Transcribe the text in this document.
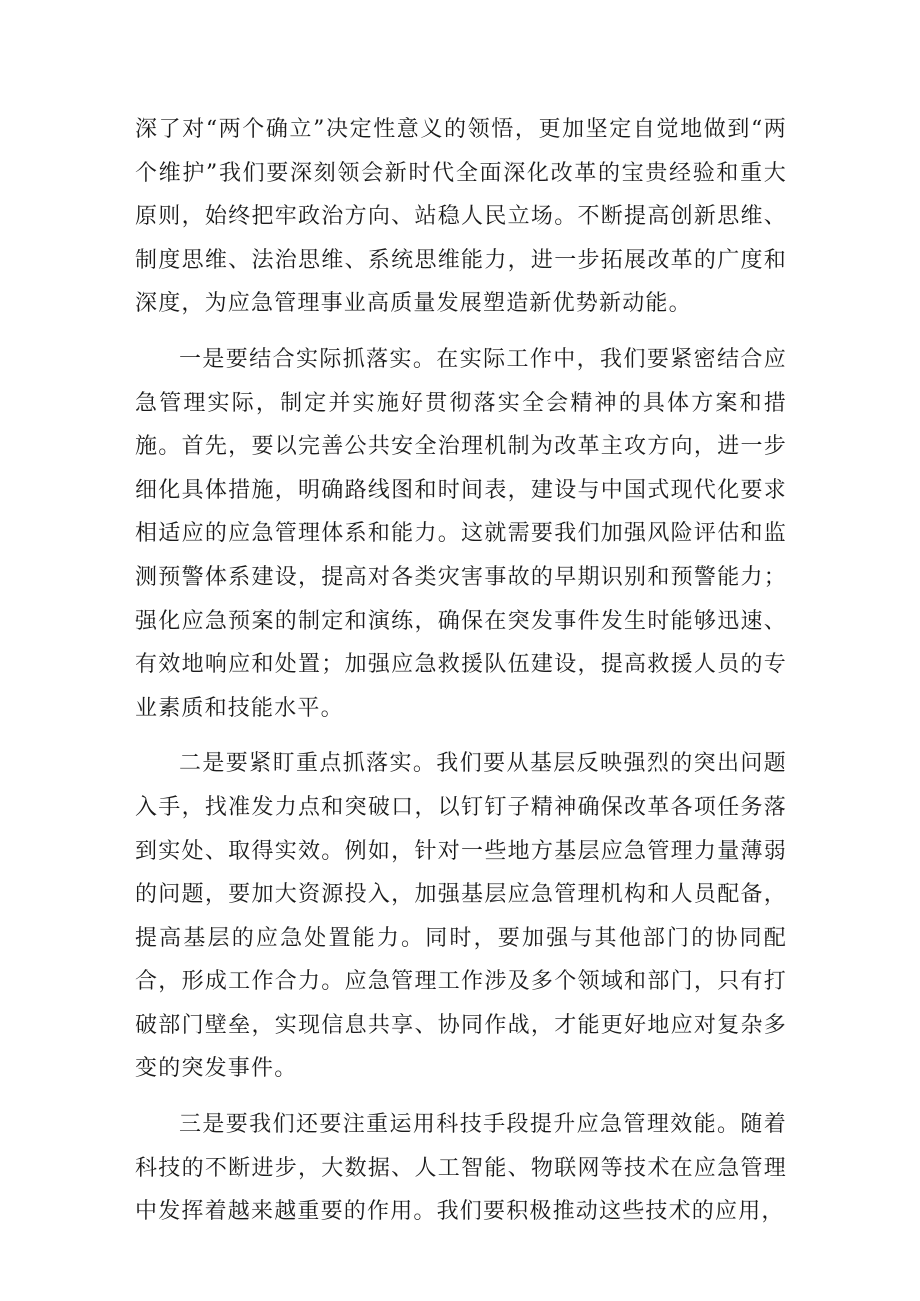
深了对“两个确立”决定性意义的领悟，更加坚定自觉地做到“两个维护”我们要深刻领会新时代全面深化改革的宝贵经验和重大原则，始终把牢政治方向、站稳人民立场。不断提高创新思维、制度思维、法治思维、系统思维能力，进一步拓展改革的广度和深度，为应急管理事业高质量发展塑造新优势新动能。

一是要结合实际抓落实。在实际工作中，我们要紧密结合应急管理实际，制定并实施好贯彻落实全会精神的具体方案和措施。首先，要以完善公共安全治理机制为改革主攻方向，进一步细化具体措施，明确路线图和时间表，建设与中国式现代化要求相适应的应急管理体系和能力。这就需要我们加强风险评估和监测预警体系建设，提高对各类灾害事故的早期识别和预警能力；强化应急预案的制定和演练，确保在突发事件发生时能够迅速、有效地响应和处置；加强应急救援队伍建设，提高救援人员的专业素质和技能水平。

二是要紧盯重点抓落实。我们要从基层反映强烈的突出问题入手，找准发力点和突破口，以钉钉子精神确保改革各项任务落到实处、取得实效。例如，针对一些地方基层应急管理力量薄弱的问题，要加大资源投入，加强基层应急管理机构和人员配备，提高基层的应急处置能力。同时，要加强与其他部门的协同配合，形成工作合力。应急管理工作涉及多个领域和部门，只有打破部门壁垒，实现信息共享、协同作战，才能更好地应对复杂多变的突发事件。

三是要我们还要注重运用科技手段提升应急管理效能。随着科技的不断进步，大数据、人工智能、物联网等技术在应急管理中发挥着越来越重要的作用。我们要积极推动这些技术的应用，
